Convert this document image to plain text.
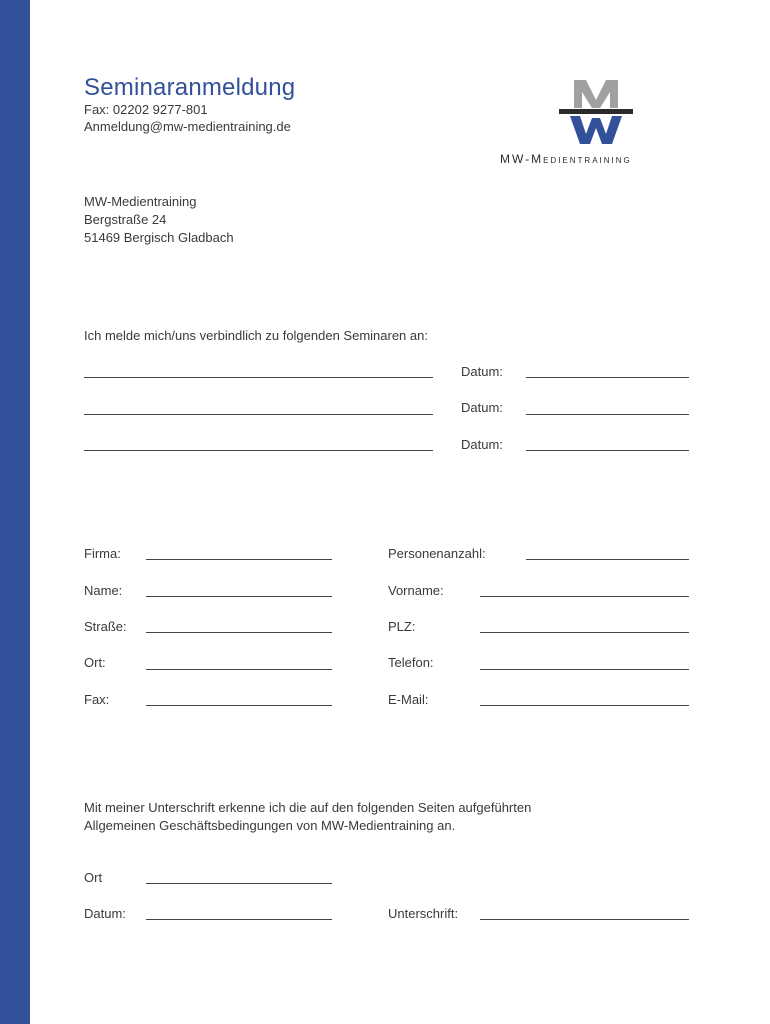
Seminaranmeldung
Fax: 02202 9277-801
Anmeldung@mw-medientraining.de
MW-Medientraining
MW-Medientraining
Bergstraße 24
51469 Bergisch Gladbach
Ich melde mich/uns verbindlich zu folgenden Seminaren an:
Datum:
Datum:
Datum:
Firma:
Name:
Straße:
Ort:
Fax:
Personenanzahl:
Vorname:
PLZ:
Telefon:
E-Mail:
Mit meiner Unterschrift erkenne ich die auf den folgenden Seiten aufgeführten
Allgemeinen Geschäftsbedingungen von MW-Medientraining an.
Ort
Datum:	Unterschrift:
